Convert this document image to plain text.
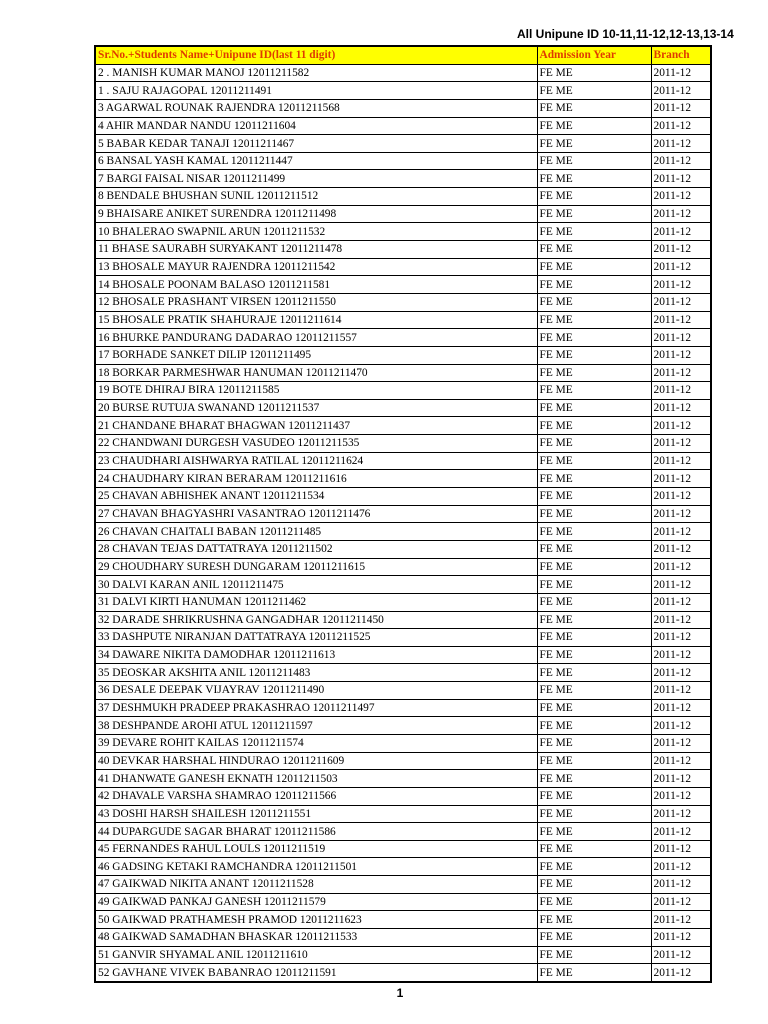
All Unipune ID 10-11,11-12,12-13,13-14
Sr.No.+Students Name+Unipune ID(last 11 digit)	Admission Year	Branch
2 . MANISH KUMAR MANOJ 12011211582	FE ME	2011-12
1 . SAJU RAJAGOPAL 12011211491	FE ME	2011-12
3 AGARWAL ROUNAK RAJENDRA 12011211568	FE ME	2011-12
4 AHIR MANDAR NANDU 12011211604	FE ME	2011-12
5 BABAR KEDAR TANAJI 12011211467	FE ME	2011-12
6 BANSAL YASH KAMAL 12011211447	FE ME	2011-12
7 BARGI FAISAL NISAR 12011211499	FE ME	2011-12
8 BENDALE BHUSHAN SUNIL 12011211512	FE ME	2011-12
9 BHAISARE ANIKET SURENDRA 12011211498	FE ME	2011-12
10 BHALERAO SWAPNIL ARUN 12011211532	FE ME	2011-12
11 BHASE SAURABH SURYAKANT 12011211478	FE ME	2011-12
13 BHOSALE MAYUR RAJENDRA 12011211542	FE ME	2011-12
14 BHOSALE POONAM BALASO 12011211581	FE ME	2011-12
12 BHOSALE PRASHANT VIRSEN 12011211550	FE ME	2011-12
15 BHOSALE PRATIK SHAHURAJE 12011211614	FE ME	2011-12
16 BHURKE PANDURANG DADARAO 12011211557	FE ME	2011-12
17 BORHADE SANKET DILIP 12011211495	FE ME	2011-12
18 BORKAR PARMESHWAR HANUMAN 12011211470	FE ME	2011-12
19 BOTE DHIRAJ BIRA 12011211585	FE ME	2011-12
20 BURSE RUTUJA SWANAND 12011211537	FE ME	2011-12
21 CHANDANE BHARAT BHAGWAN 12011211437	FE ME	2011-12
22 CHANDWANI DURGESH VASUDEO 12011211535	FE ME	2011-12
23 CHAUDHARI AISHWARYA RATILAL 12011211624	FE ME	2011-12
24 CHAUDHARY KIRAN BERARAM 12011211616	FE ME	2011-12
25 CHAVAN ABHISHEK ANANT 12011211534	FE ME	2011-12
27 CHAVAN BHAGYASHRI VASANTRAO 12011211476	FE ME	2011-12
26 CHAVAN CHAITALI BABAN 12011211485	FE ME	2011-12
28 CHAVAN TEJAS DATTATRAYA 12011211502	FE ME	2011-12
29 CHOUDHARY SURESH DUNGARAM 12011211615	FE ME	2011-12
30 DALVI KARAN ANIL 12011211475	FE ME	2011-12
31 DALVI KIRTI HANUMAN 12011211462	FE ME	2011-12
32 DARADE SHRIKRUSHNA GANGADHAR 12011211450	FE ME	2011-12
33 DASHPUTE NIRANJAN DATTATRAYA 12011211525	FE ME	2011-12
34 DAWARE NIKITA DAMODHAR 12011211613	FE ME	2011-12
35 DEOSKAR AKSHITA ANIL 12011211483	FE ME	2011-12
36 DESALE DEEPAK VIJAYRAV 12011211490	FE ME	2011-12
37 DESHMUKH PRADEEP PRAKASHRAO 12011211497	FE ME	2011-12
38 DESHPANDE AROHI ATUL 12011211597	FE ME	2011-12
39 DEVARE ROHIT KAILAS 12011211574	FE ME	2011-12
40 DEVKAR HARSHAL HINDURAO 12011211609	FE ME	2011-12
41 DHANWATE GANESH EKNATH 12011211503	FE ME	2011-12
42 DHAVALE VARSHA SHAMRAO 12011211566	FE ME	2011-12
43 DOSHI HARSH SHAILESH 12011211551	FE ME	2011-12
44 DUPARGUDE SAGAR BHARAT 12011211586	FE ME	2011-12
45 FERNANDES RAHUL LOULS 12011211519	FE ME	2011-12
46 GADSING KETAKI RAMCHANDRA 12011211501	FE ME	2011-12
47 GAIKWAD NIKITA ANANT 12011211528	FE ME	2011-12
49 GAIKWAD PANKAJ GANESH 12011211579	FE ME	2011-12
50 GAIKWAD PRATHAMESH PRAMOD 12011211623	FE ME	2011-12
48 GAIKWAD SAMADHAN BHASKAR 12011211533	FE ME	2011-12
51 GANVIR SHYAMAL ANIL 12011211610	FE ME	2011-12
52 GAVHANE VIVEK BABANRAO 12011211591	FE ME	2011-12
1
